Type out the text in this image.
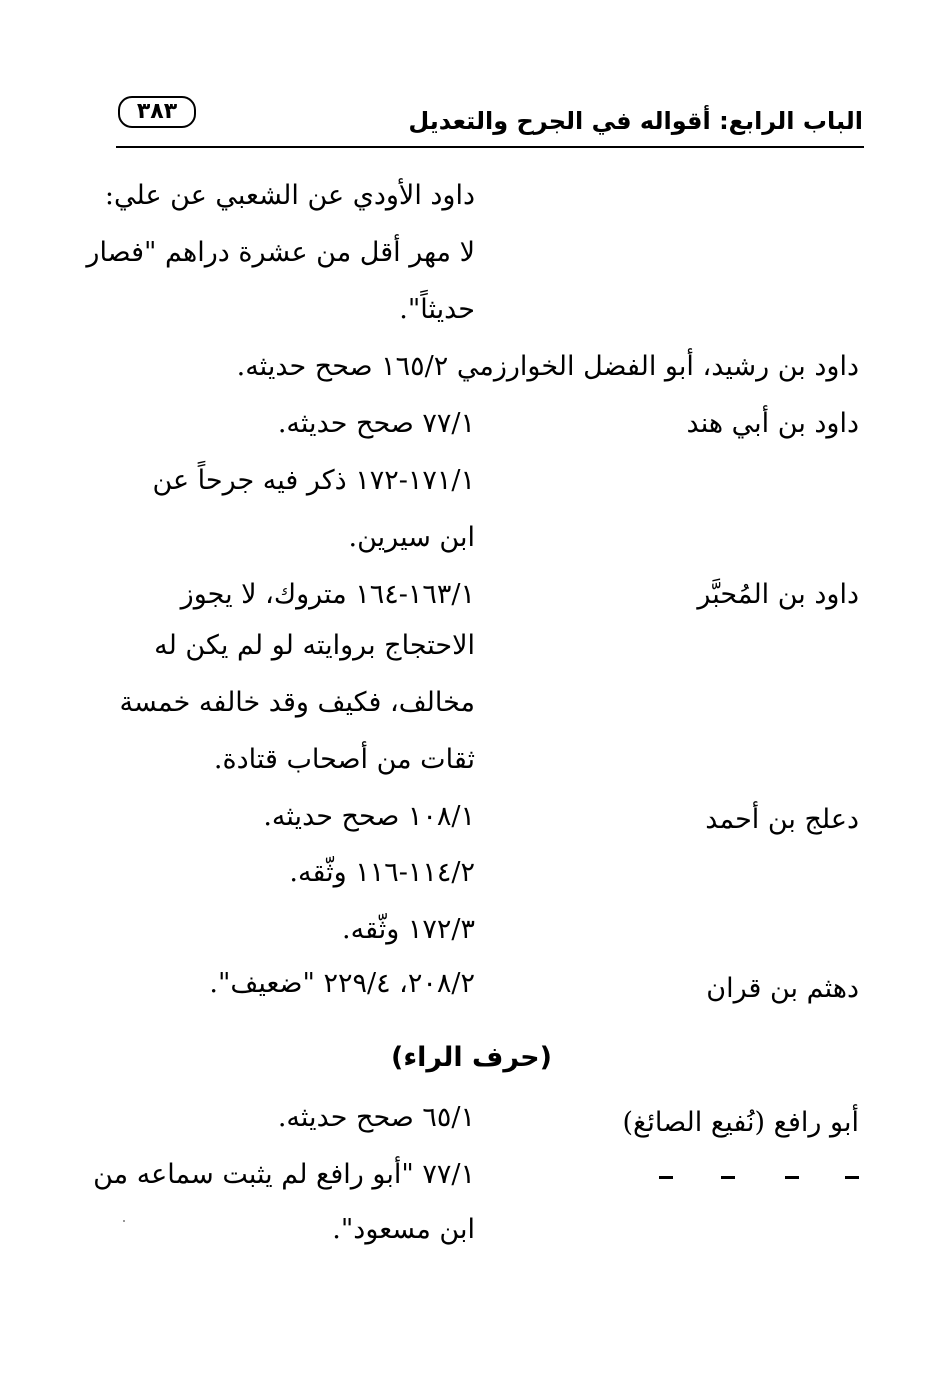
الباب الرابع: أقواله في الجرح والتعديل
٣٨٣
داود الأودي عن الشعبي عن علي:
لا مهر أقل من عشرة دراهم "فصار
حديثاً".
داود بن رشيد، أبو الفضل الخوارزمي ١٦٥/٢ صحح حديثه.
داود بن أبي هند
٧٧/١ صحح حديثه.
١٧١/١-١٧٢ ذكر فيه جرحاً عن
ابن سيرين.
داود بن المُحبَّر
١٦٣/١-١٦٤ متروك، لا يجوز
الاحتجاج بروايته لو لم يكن له
مخالف، فكيف وقد خالفه خمسة
ثقات من أصحاب قتادة.
دعلج بن أحمد
١٠٨/١ صحح حديثه.
١١٤/٢-١١٦ وثّقه.
١٧٢/٣ وثّقه.
دهثم بن قران
٢٠٨/٢، ٢٢٩/٤ "ضعيف".
(حرف الراء)
أبو رافع (نُفيع الصائغ)
٦٥/١ صحح حديثه.
٧٧/١ "أبو رافع لم يثبت سماعه من
ابن مسعود".
